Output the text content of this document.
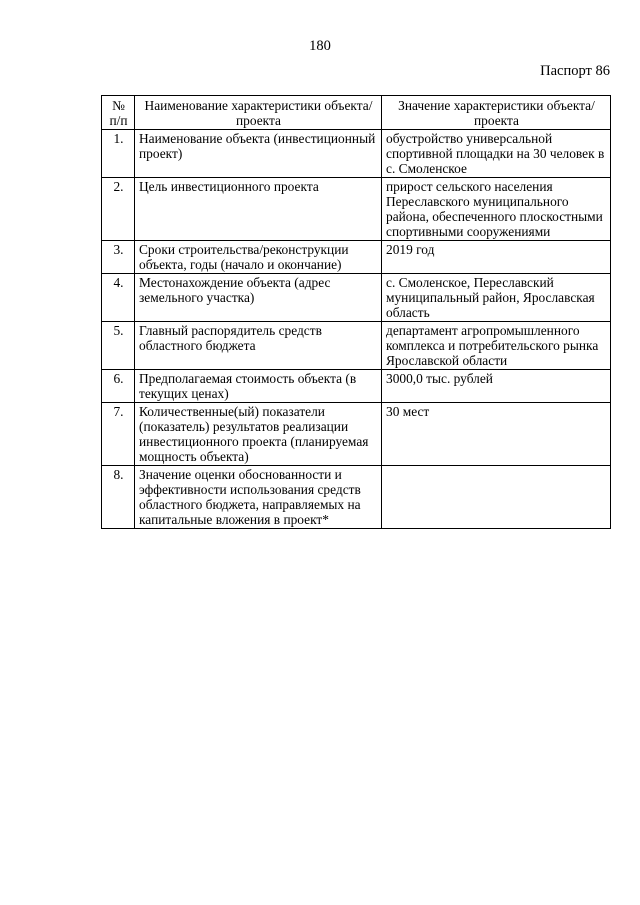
180
Паспорт 86
№ п/п	Наименование характеристики объекта/проекта	Значение характеристики объекта/проекта
1.	Наименование объекта (инвестиционный проект)	обустройство универсальной спортивной площадки на 30 человек в с. Смоленское
2.	Цель инвестиционного проекта	прирост сельского населения Переславского муниципального района, обеспеченного плоскостными спортивными сооружениями
3.	Сроки строительства/реконструкции объекта, годы (начало и окончание)	2019 год
4.	Местонахождение объекта (адрес земельного участка)	с. Смоленское, Переславский муниципальный район, Ярославская область
5.	Главный распорядитель средств областного бюджета	департамент агропромышленного комплекса и потребительского рынка Ярославской области
6.	Предполагаемая стоимость объекта (в текущих ценах)	3000,0 тыс. рублей
7.	Количественные(ый) показатели (показатель) результатов реализации инвестиционного проекта (планируемая мощность объекта)	30 мест
8.	Значение оценки обоснованности и эффективности использования средств областного бюджета, направляемых на капитальные вложения в проект*	
